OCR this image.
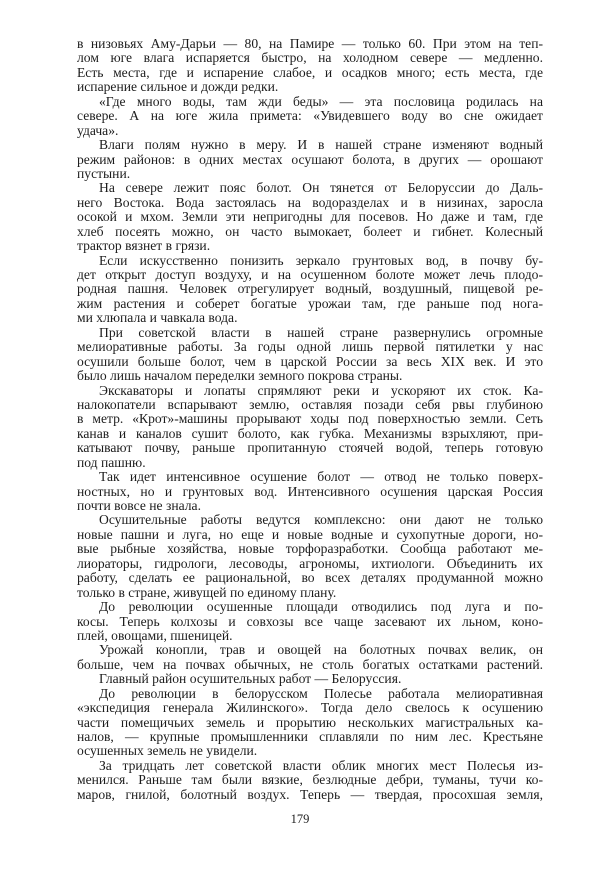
в низовьях Аму-Дарьи — 80, на Памире — только 60. При этом на теп-
лом юге влага испаряется быстро, на холодном севере — медленно.
Есть места, где и испарение слабое, и осадков много; есть места, где
испарение сильное и дожди редки.
«Где много воды, там жди беды» — эта пословица родилась на
севере. А на юге жила примета: «Увидевшего воду во сне ожидает
удача».
Влаги полям нужно в меру. И в нашей стране изменяют водный
режим районов: в одних местах осушают болота, в других — орошают
пустыни.
На севере лежит пояс болот. Он тянется от Белоруссии до Даль-
него Востока. Вода застоялась на водоразделах и в низинах, заросла
осокой и мхом. Земли эти непригодны для посевов. Но даже и там, где
хлеб посеять можно, он часто вымокает, болеет и гибнет. Колесный
трактор вязнет в грязи.
Если искусственно понизить зеркало грунтовых вод, в почву бу-
дет открыт доступ воздуху, и на осушенном болоте может лечь плодо-
родная пашня. Человек отрегулирует водный, воздушный, пищевой ре-
жим растения и соберет богатые урожаи там, где раньше под нога-
ми хлюпала и чавкала вода.
При советской власти в нашей стране развернулись огромные
мелиоративные работы. За годы одной лишь первой пятилетки у нас
осушили больше болот, чем в царской России за весь XIX век. И это
было лишь началом переделки земного покрова страны.
Экскаваторы и лопаты спрямляют реки и ускоряют их сток. Ка-
налокопатели вспарывают землю, оставляя позади себя рвы глубиною
в метр. «Крот»-машины прорывают ходы под поверхностью земли. Сеть
канав и каналов сушит болото, как губка. Механизмы взрыхляют, при-
катывают почву, раньше пропитанную стоячей водой, теперь готовую
под пашню.
Так идет интенсивное осушение болот — отвод не только поверх-
ностных, но и грунтовых вод. Интенсивного осушения царская Россия
почти вовсе не знала.
Осушительные работы ведутся комплексно: они дают не только
новые пашни и луга, но еще и новые водные и сухопутные дороги, но-
вые рыбные хозяйства, новые торфоразработки. Сообща работают ме-
лиораторы, гидрологи, лесоводы, агрономы, ихтиологи. Объединить их
работу, сделать ее рациональной, во всех деталях продуманной можно
только в стране, живущей по единому плану.
До революции осушенные площади отводились под луга и по-
косы. Теперь колхозы и совхозы все чаще засевают их льном, коно-
плей, овощами, пшеницей.
Урожай конопли, трав и овощей на болотных почвах велик, он
больше, чем на почвах обычных, не столь богатых остатками растений.
Главный район осушительных работ — Белоруссия.
До революции в белорусском Полесье работала мелиоративная
«экспедиция генерала Жилинского». Тогда дело свелось к осушению
части помещичьих земель и прорытию нескольких магистральных ка-
налов, — крупные промышленники сплавляли по ним лес. Крестьяне
осушенных земель не увидели.
За тридцать лет советской власти облик многих мест Полесья из-
менился. Раньше там были вязкие, безлюдные дебри, туманы, тучи ко-
маров, гнилой, болотный воздух. Теперь — твердая, просохшая земля,
179
